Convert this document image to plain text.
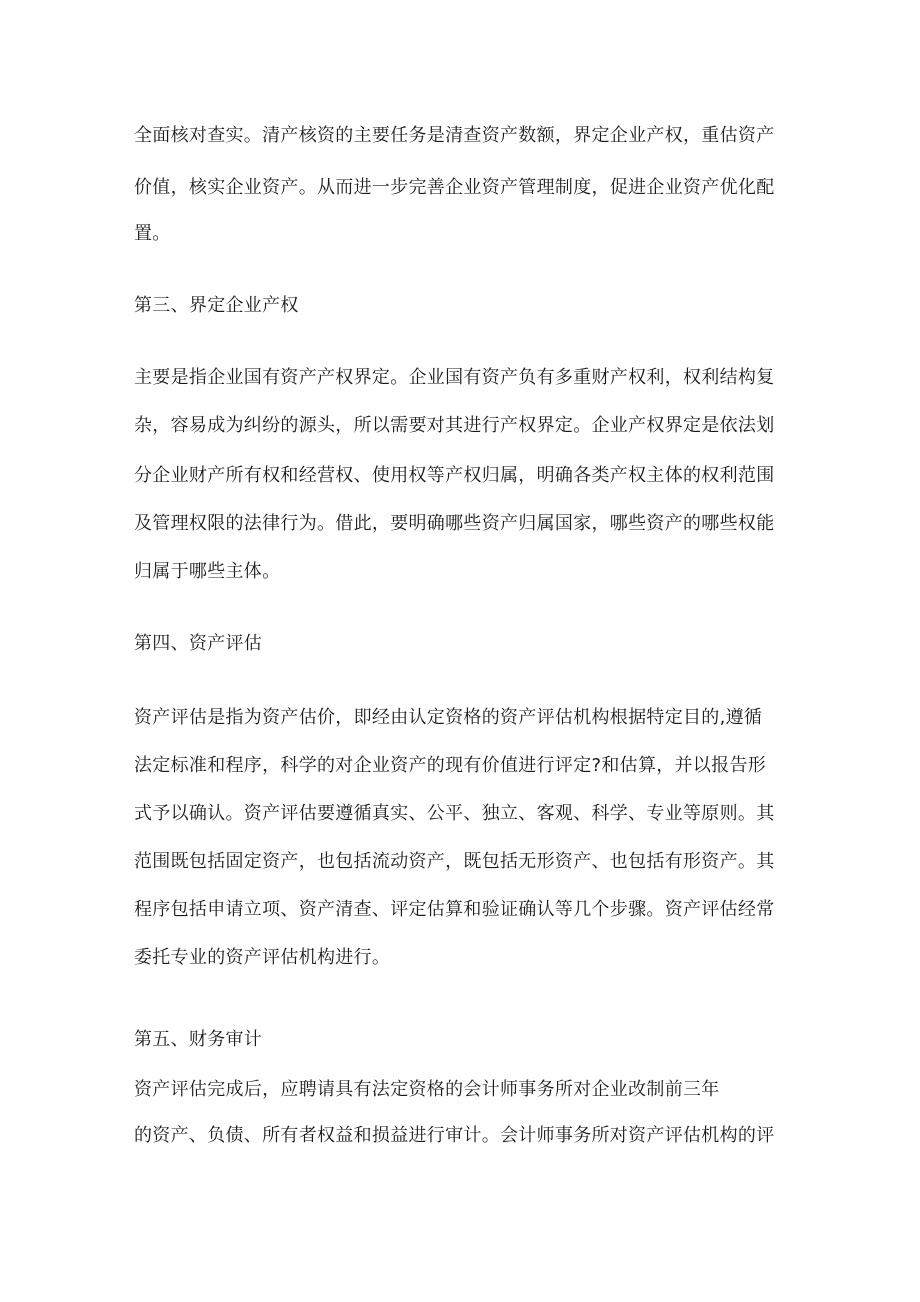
全面核对查实。清产核资的主要任务是清查资产数额，界定企业产权，重估资产

价值，核实企业资产。从而进一步完善企业资产管理制度，促进企业资产优化配

置。

第三、界定企业产权

主要是指企业国有资产产权界定。企业国有资产负有多重财产权利，权利结构复

杂，容易成为纠纷的源头，所以需要对其进行产权界定。企业产权界定是依法划

分企业财产所有权和经营权、使用权等产权归属，明确各类产权主体的权利范围

及管理权限的法律行为。借此，要明确哪些资产归属国家，哪些资产的哪些权能

归属于哪些主体。

第四、资产评估

资产评估是指为资产估价，即经由认定资格的资产评估机构根据特定目的,遵循

法定标准和程序，科学的对企业资产的现有价值进行评定?和估算，并以报告形

式予以确认。资产评估要遵循真实、公平、独立、客观、科学、专业等原则。其

范围既包括固定资产，也包括流动资产，既包括无形资产、也包括有形资产。其

程序包括申请立项、资产清查、评定估算和验证确认等几个步骤。资产评估经常

委托专业的资产评估机构进行。

第五、财务审计

资产评估完成后，应聘请具有法定资格的会计师事务所对企业改制前三年

的资产、负债、所有者权益和损益进行审计。会计师事务所对资产评估机构的评
